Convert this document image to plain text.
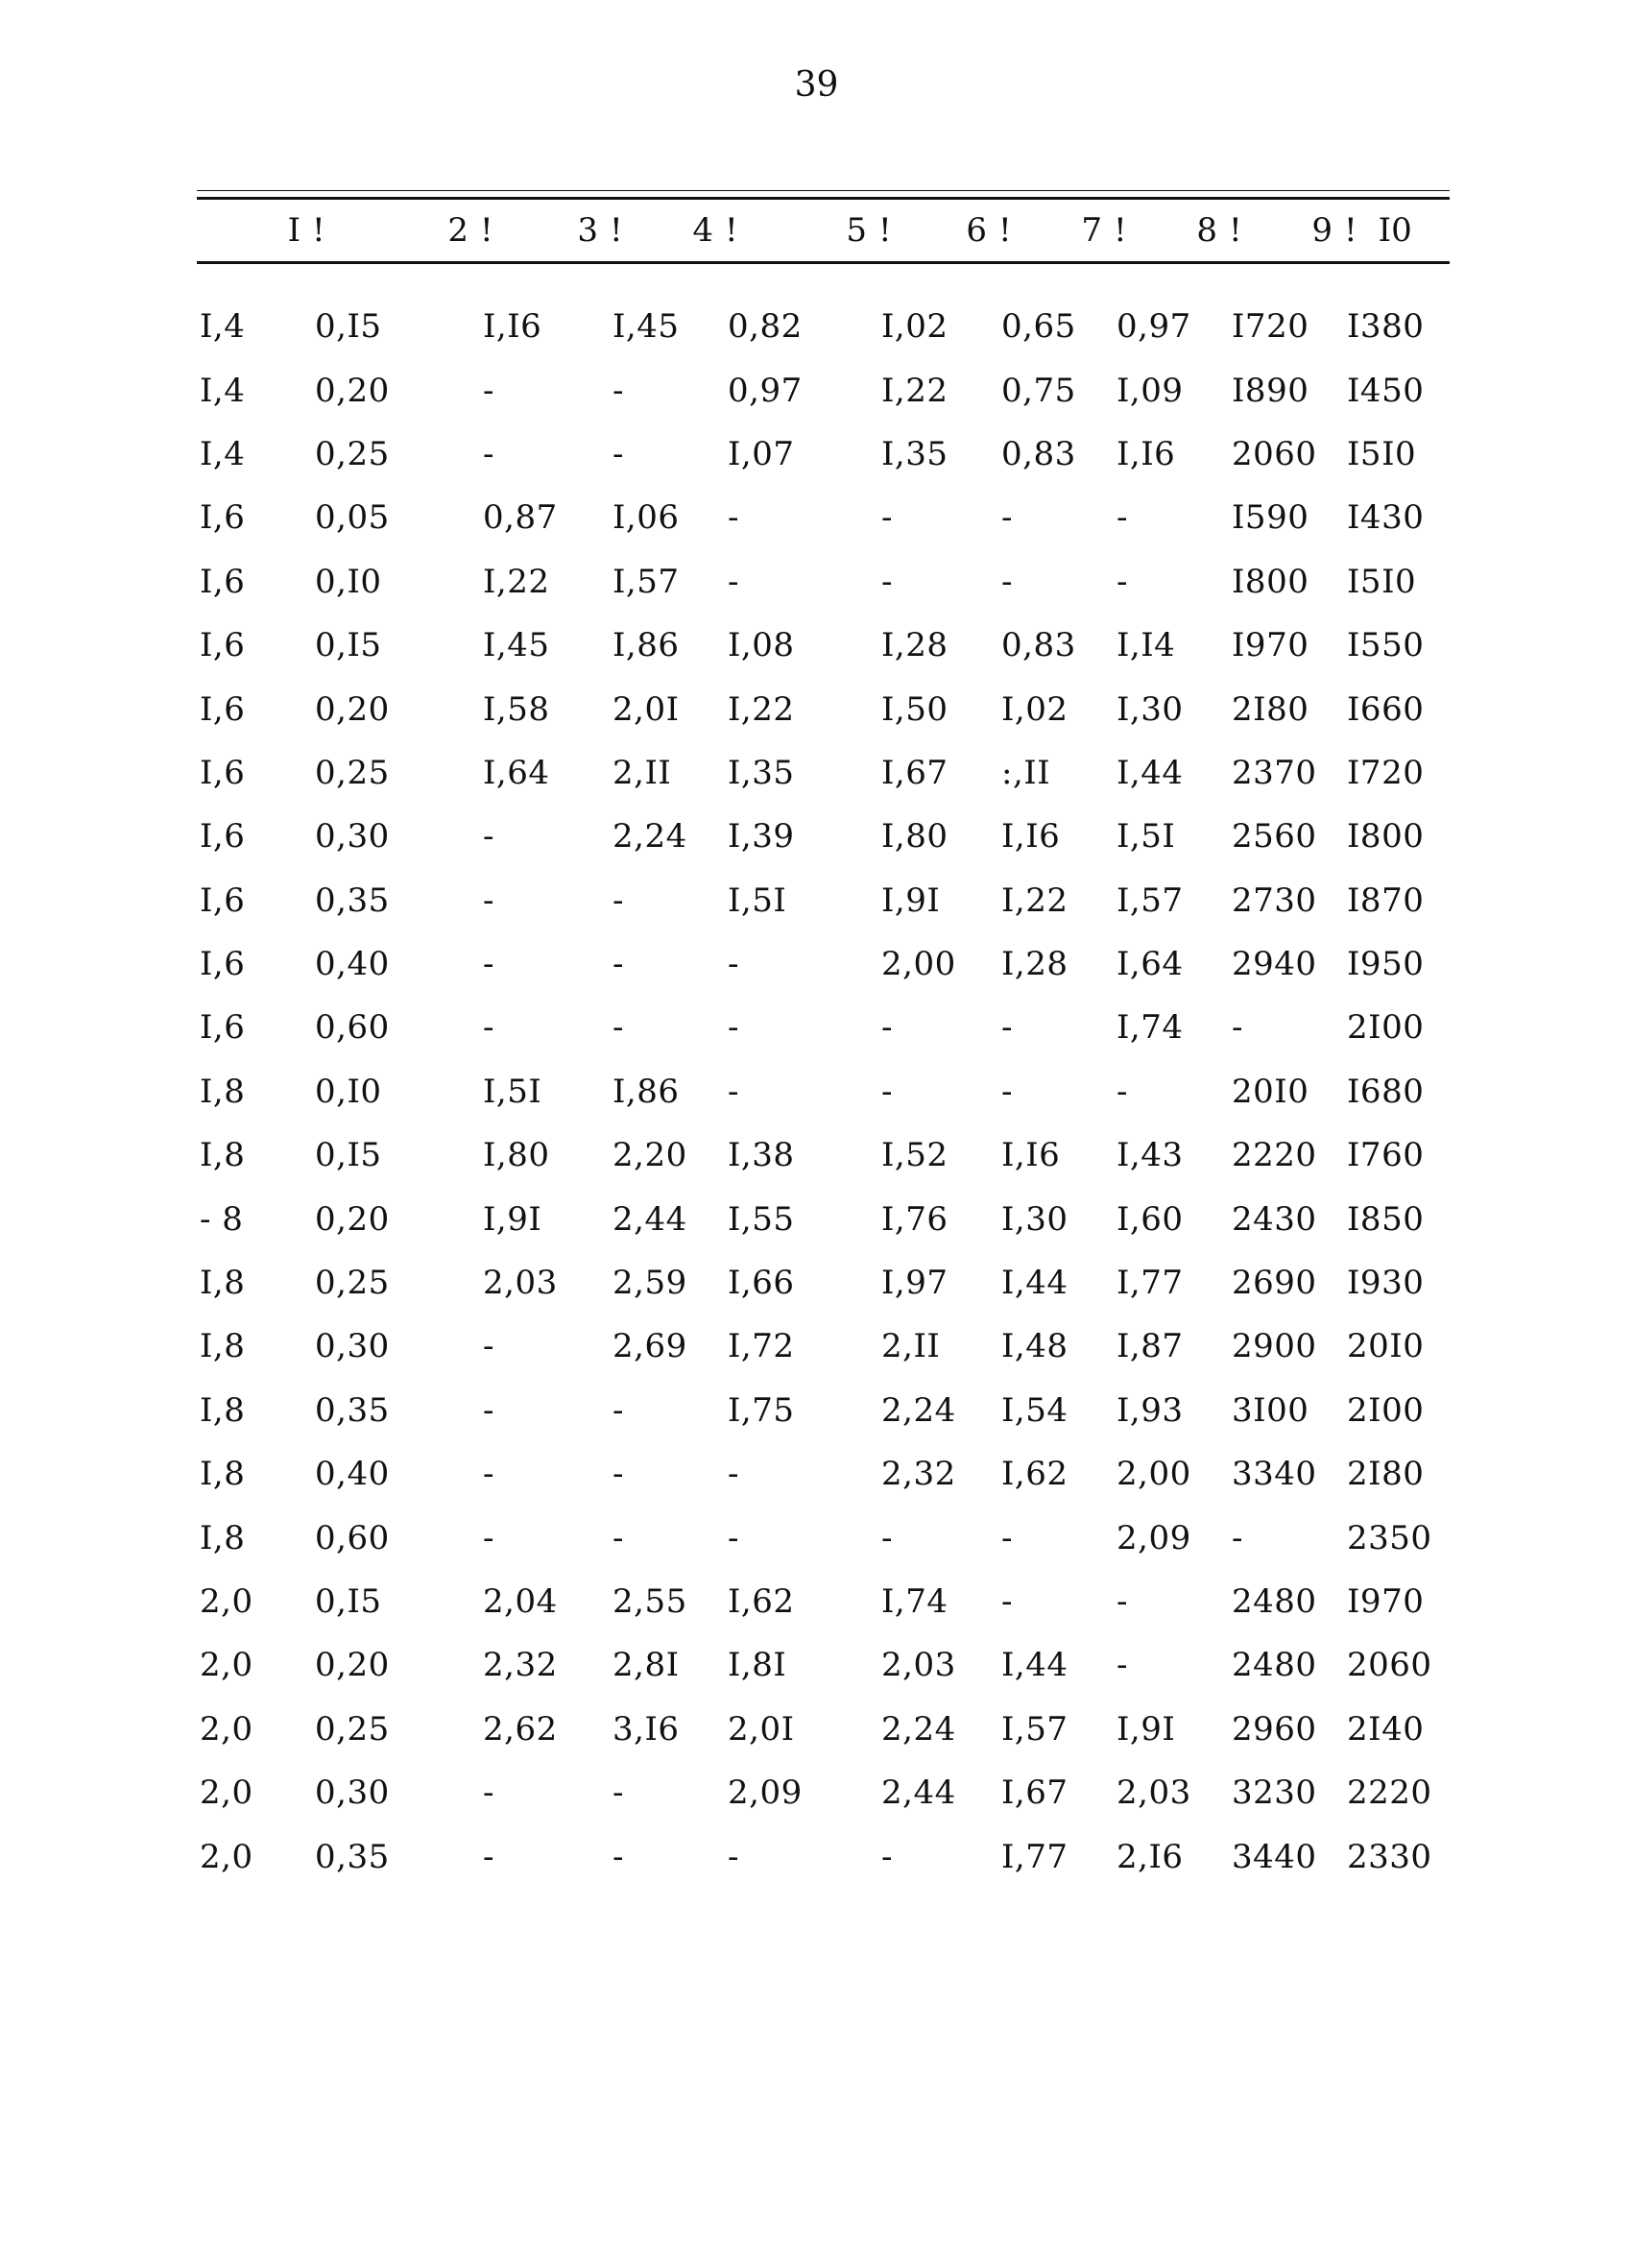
39
I !	2 !	3 ! 4 !	5 ! 6 ! 7 ! 8 ! 9 ! I0
I,4	0,I5	I,I6	I,45	0,82	I,02	0,65	0,97	I720	I380
I,4	0,20	-	-	0,97	I,22	0,75	I,09	I890	I450
I,4	0,25	-	-	I,07	I,35	0,83	I,I6	2060 I5I0
I,6	0,05	0,87	I,06	-	-	-	-	I590	I430
I,6	0,I0	I,22	I,57	-	-	-	-	I800	I5I0
I,6	0,I5	I,45	I,86	I,08	I,28	0,83	I,I4	I970	I550
I,6	0,20	I,58	2,0I	I,22	I,50	I,02	I,30	2I80	I660
I,6	0,25	I,64	2,II	I,35	I,67	:,II	I,44	2370 I720
I,6	0,30	-	2,24	I,39	I,80	I,I6	I,5I	2560 I800
I,6	0,35	-	-	I,5I	I,9I	I,22	I,57	2730 I870
I,6	0,40	-	-	-	2,00	I,28	I,64	2940 I950
I,6	0,60	-	-	-	-	-	I,74	-	2I00
I,8	0,I0	I,5I	I,86	-	-	-	-	20I0	I680
I,8	0,I5	I,80	2,20	I,38	I,52	I,I6	I,43	2220 I760
- 8	0,20	I,9I	2,44	I,55	I,76	I,30	I,60	2430 I850
I,8	0,25	2,03	2,59	I,66	I,97	I,44	I,77	2690 I930
I,8	0,30	-	2,69	I,72	2,II	I,48	I,87	2900 20I0
I,8	0,35	-	-	I,75	2,24	I,54	I,93	3I00	2I00
I,8	0,40	-	-	-	2,32	I,62	2,00	3340 2I80
I,8	0,60	-	-	-	-	-	2,09	-	2350
2,0	0,I5	2,04	2,55	I,62	I,74	-	-	2480 I970
2,0	0,20	2,32	2,8I	I,8I	2,03	I,44	-	2480 2060
2,0	0,25	2,62	3,I6	2,0I	2,24	I,57	I,9I	2960 2I40
2,0	0,30	-	-	2,09	2,44	I,67	2,03	3230 2220
2,0	0,35	-	-	-	-	I,77	2,I6	3440 2330
